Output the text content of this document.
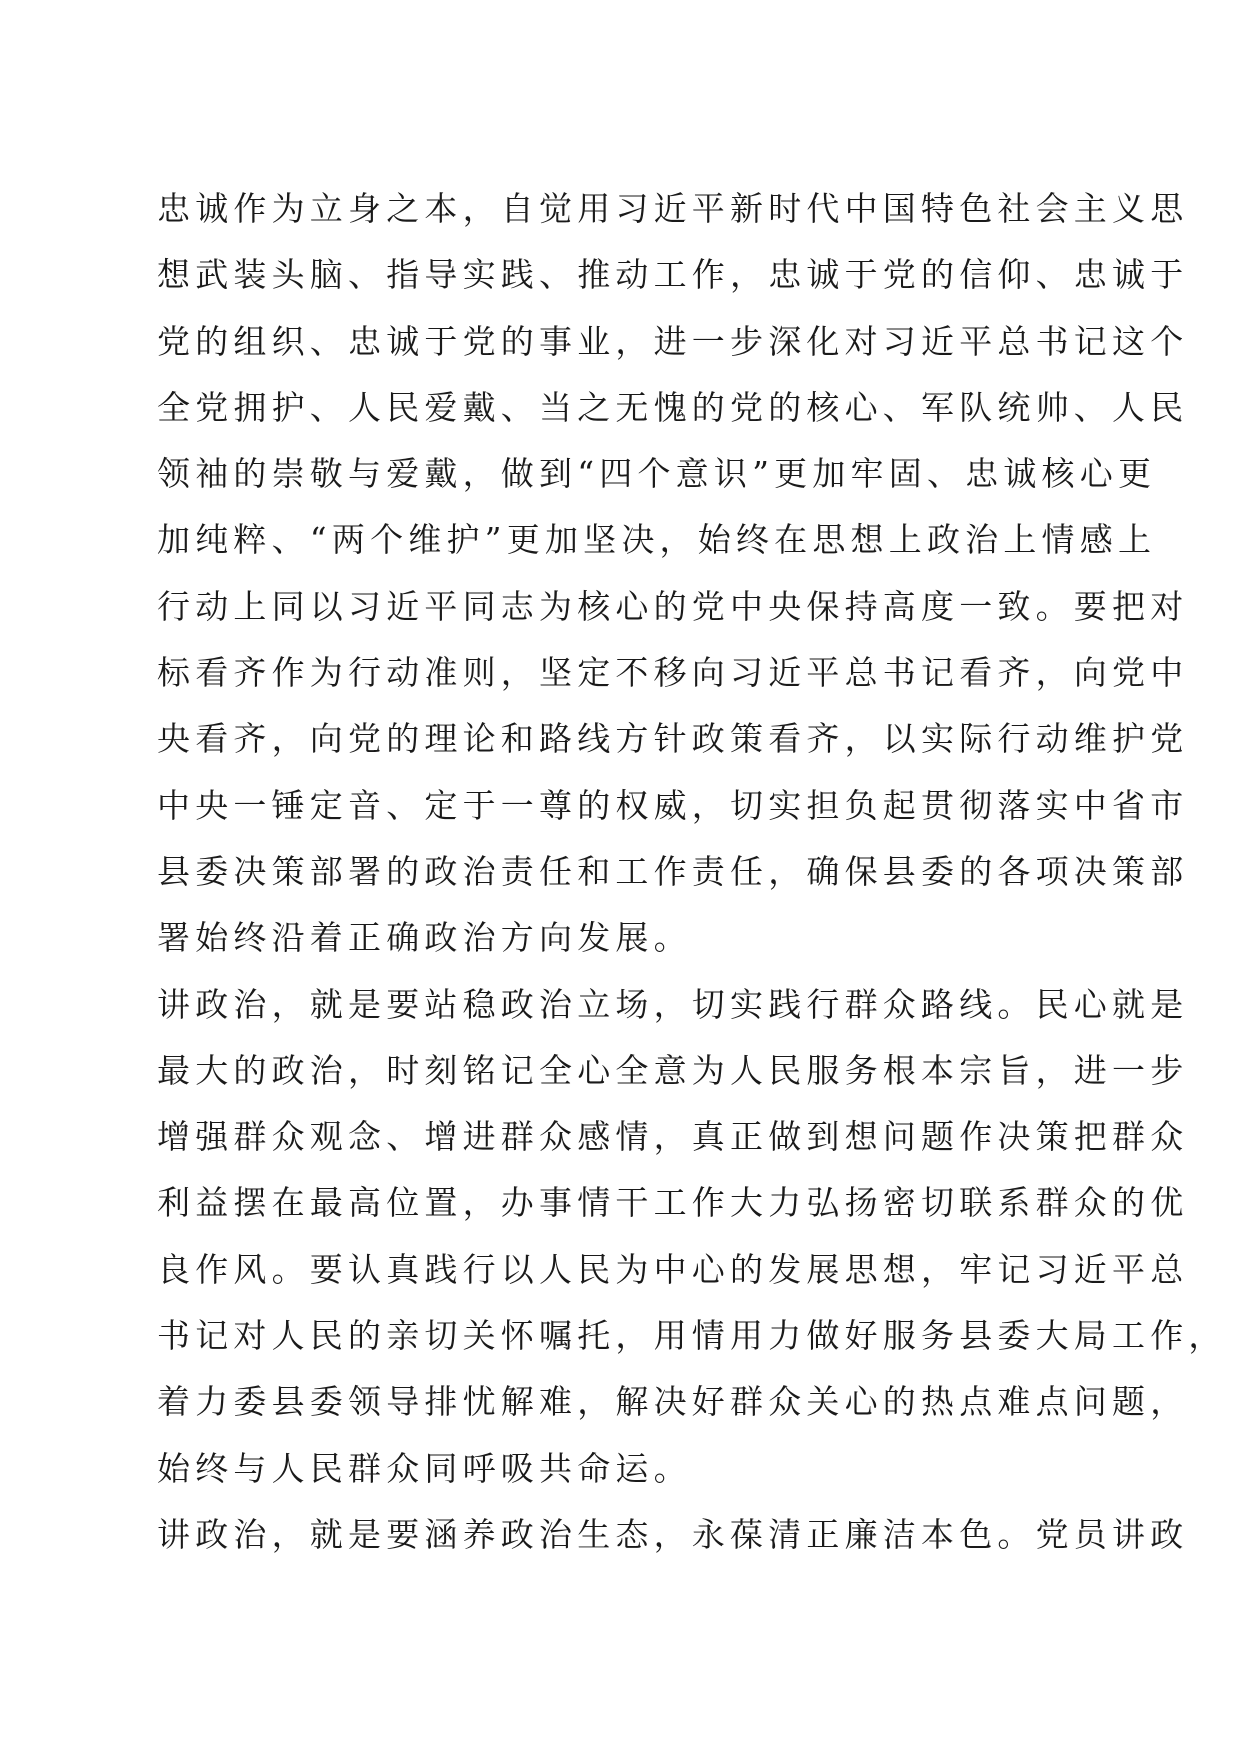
忠诚作为立身之本，自觉用习近平新时代中国特色社会主义思
想武装头脑、指导实践、推动工作，忠诚于党的信仰、忠诚于
党的组织、忠诚于党的事业，进一步深化对习近平总书记这个
全党拥护、人民爱戴、当之无愧的党的核心、军队统帅、人民
领袖的崇敬与爱戴，做到“四个意识”更加牢固、忠诚核心更
加纯粹、“两个维护”更加坚决，始终在思想上政治上情感上
行动上同以习近平同志为核心的党中央保持高度一致。要把对
标看齐作为行动准则，坚定不移向习近平总书记看齐，向党中
央看齐，向党的理论和路线方针政策看齐，以实际行动维护党
中央一锤定音、定于一尊的权威，切实担负起贯彻落实中省市
县委决策部署的政治责任和工作责任，确保县委的各项决策部
署始终沿着正确政治方向发展。
讲政治，就是要站稳政治立场，切实践行群众路线。民心就是
最大的政治，时刻铭记全心全意为人民服务根本宗旨，进一步
增强群众观念、增进群众感情，真正做到想问题作决策把群众
利益摆在最高位置，办事情干工作大力弘扬密切联系群众的优
良作风。要认真践行以人民为中心的发展思想，牢记习近平总
书记对人民的亲切关怀嘱托，用情用力做好服务县委大局工作，
着力委县委领导排忧解难，解决好群众关心的热点难点问题，
始终与人民群众同呼吸共命运。
讲政治，就是要涵养政治生态，永葆清正廉洁本色。党员讲政
